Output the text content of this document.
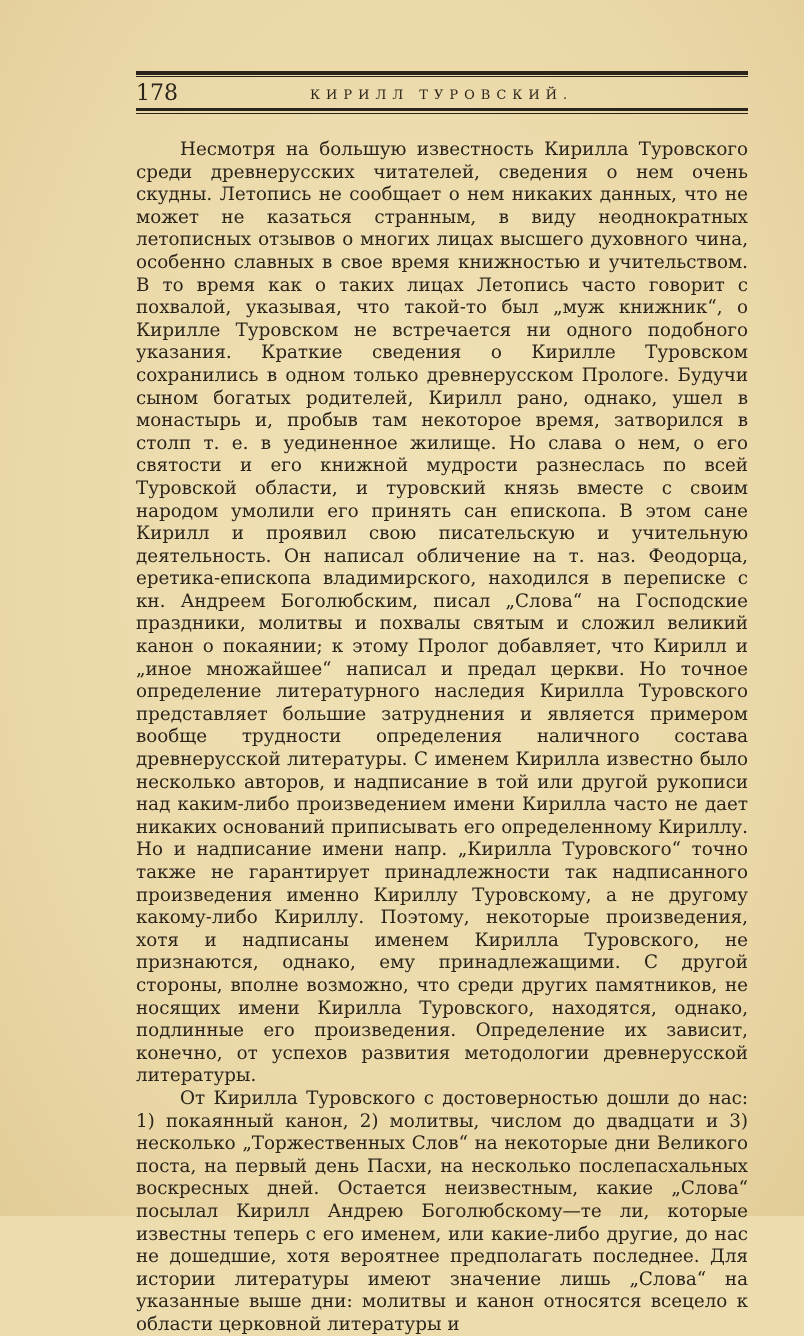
178	КИРИЛЛ ТУРОВСКИЙ.

Несмотря на большую известность Кирилла Туровского среди древнерусских читателей, сведения о нем очень скудны. Летопись не сообщает о нем никаких данных, что не может не казаться странным, в виду неоднократных летописных отзывов о многих лицах высшего духовного чина, особенно славных в свое время книжностью и учительством. В то время как о таких лицах Летопись часто говорит с похвалой, указывая, что такой-то был „муж книжник“, о Кирилле Туровском не встречается ни одного подобного указания. Краткие сведения о Кирилле Туровском сохранились в одном только древнерусском Прологе. Будучи сыном богатых родителей, Кирилл рано, однако, ушел в монастырь и, пробыв там некоторое время, затворился в столп т. е. в уединенное жилище. Но слава о нем, о его святости и его книжной мудрости разнеслась по всей Туровской области, и туровский князь вместе с своим народом умолили его принять сан епископа. В этом сане Кирилл и проявил свою писательскую и учительную деятельность. Он написал обличение на т. наз. Феодорца, еретика-епископа владимирского, находился в переписке с кн. Андреем Боголюбским, писал „Слова“ на Господские праздники, молитвы и похвалы святым и сложил великий канон о покаянии; к этому Пролог добавляет, что Кирилл и „иное множайшее“ написал и предал церкви. Но точное определение литературного наследия Кирилла Туровского представляет большие затруднения и является примером вообще трудности определения наличного состава древнерусской литературы. С именем Кирилла известно было несколько авторов, и надписание в той или другой рукописи над каким-либо произведением имени Кирилла часто не дает никаких оснований приписывать его определенному Кириллу. Но и надписание имени напр. „Кирилла Туровского“ точно также не гарантирует принадлежности так надписанного произведения именно Кириллу Туровскому, а не другому какому-либо Кириллу. Поэтому, некоторые произведения, хотя и надписаны именем Кирилла Туровского, не признаются, однако, ему принадлежащими. С другой стороны, вполне возможно, что среди других памятников, не носящих имени Кирилла Туровского, находятся, однако, подлинные его произведения. Определение их зависит, конечно, от успехов развития методологии древнерусской литературы.

От Кирилла Туровского с достоверностью дошли до нас: 1) покаянный канон, 2) молитвы, числом до двадцати и 3) несколько „Торжественных Слов“ на некоторые дни Великого поста, на первый день Пасхи, на несколько послепасхальных воскресных дней. Остается неизвестным, какие „Слова“ посылал Кирилл Андрею Боголюбскому—те ли, которые известны теперь с его именем, или какие-либо другие, до нас не дошедшие, хотя вероятнее предполагать последнее. Для истории литературы имеют значение лишь „Слова“ на указанные выше дни: молитвы и канон относятся всецело к области церковной литературы и
